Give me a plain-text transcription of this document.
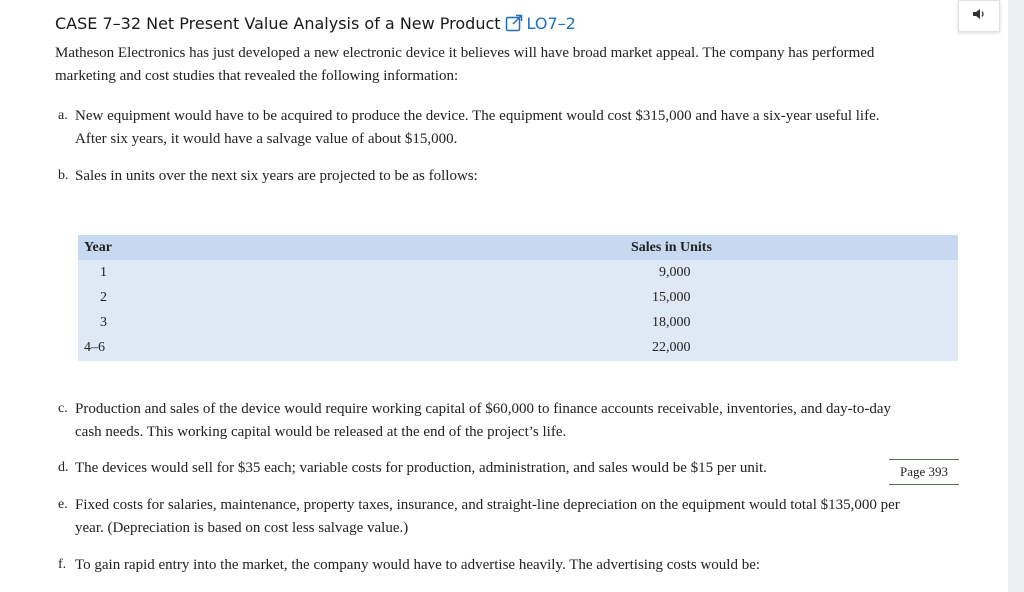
CASE 7–32 Net Present Value Analysis of a New Product LO7–2
Matheson Electronics has just developed a new electronic device it believes will have broad market appeal. The company has performed
marketing and cost studies that revealed the following information:
a. New equipment would have to be acquired to produce the device. The equipment would cost $315,000 and have a six-year useful life.
After six years, it would have a salvage value of about $15,000.
b. Sales in units over the next six years are projected to be as follows:
Year	Sales in Units
1	9,000
2	15,000
3	18,000
4–6	22,000
c. Production and sales of the device would require working capital of $60,000 to finance accounts receivable, inventories, and day-to-day
cash needs. This working capital would be released at the end of the project’s life.
d. The devices would sell for $35 each; variable costs for production, administration, and sales would be $15 per unit.	Page 393
e. Fixed costs for salaries, maintenance, property taxes, insurance, and straight-line depreciation on the equipment would total $135,000 per
year. (Depreciation is based on cost less salvage value.)
f. To gain rapid entry into the market, the company would have to advertise heavily. The advertising costs would be:
